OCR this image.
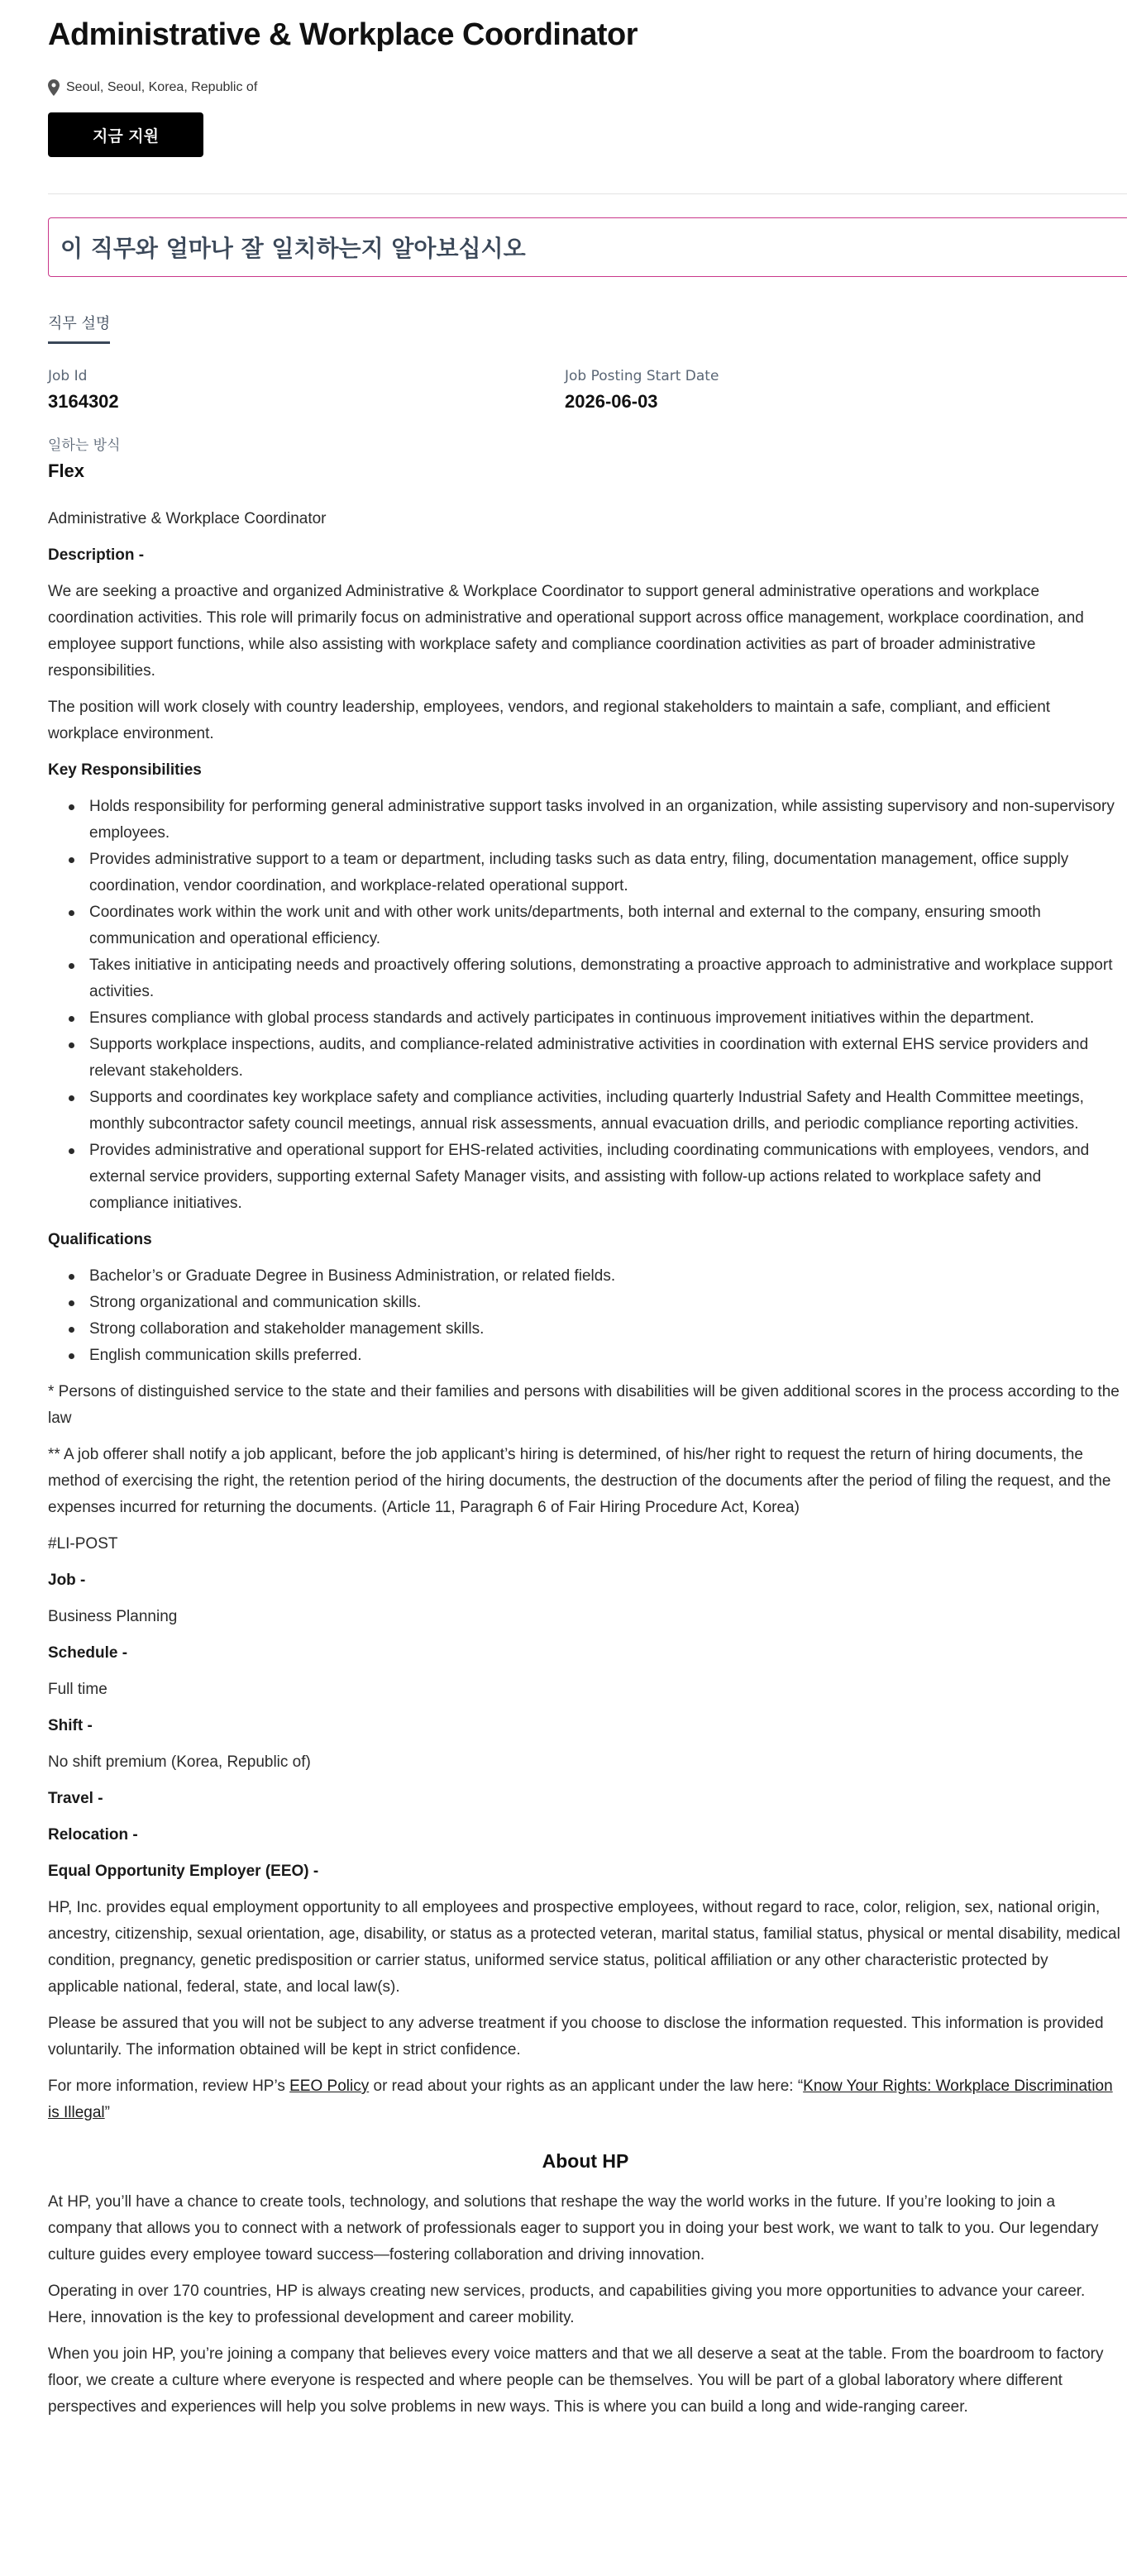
Administrative & Workplace Coordinator
Seoul, Seoul, Korea, Republic of
지금 지원
이 직무와 얼마나 잘 일치하는지 알아보십시오
직무 설명
Job Id
3164302
Job Posting Start Date
2026-06-03
일하는 방식
Flex

Administrative & Workplace Coordinator

Description -

We are seeking a proactive and organized Administrative & Workplace Coordinator to support general administrative operations and workplace coordination activities. This role will primarily focus on administrative and operational support across office management, workplace coordination, and employee support functions, while also assisting with workplace safety and compliance coordination activities as part of broader administrative responsibilities.

The position will work closely with country leadership, employees, vendors, and regional stakeholders to maintain a safe, compliant, and efficient workplace environment.

Key Responsibilities

Holds responsibility for performing general administrative support tasks involved in an organization, while assisting supervisory and non-supervisory employees.
Provides administrative support to a team or department, including tasks such as data entry, filing, documentation management, office supply coordination, vendor coordination, and workplace-related operational support.
Coordinates work within the work unit and with other work units/departments, both internal and external to the company, ensuring smooth communication and operational efficiency.
Takes initiative in anticipating needs and proactively offering solutions, demonstrating a proactive approach to administrative and workplace support activities.
Ensures compliance with global process standards and actively participates in continuous improvement initiatives within the department.
Supports workplace inspections, audits, and compliance-related administrative activities in coordination with external EHS service providers and relevant stakeholders.
Supports and coordinates key workplace safety and compliance activities, including quarterly Industrial Safety and Health Committee meetings, monthly subcontractor safety council meetings, annual risk assessments, annual evacuation drills, and periodic compliance reporting activities.
Provides administrative and operational support for EHS-related activities, including coordinating communications with employees, vendors, and external service providers, supporting external Safety Manager visits, and assisting with follow-up actions related to workplace safety and compliance initiatives.

Qualifications

Bachelor’s or Graduate Degree in Business Administration, or related fields.
Strong organizational and communication skills.
Strong collaboration and stakeholder management skills.
English communication skills preferred.

* Persons of distinguished service to the state and their families and persons with disabilities will be given additional scores in the process according to the law

** A job offerer shall notify a job applicant, before the job applicant’s hiring is determined, of his/her right to request the return of hiring documents, the method of exercising the right, the retention period of the hiring documents, the destruction of the documents after the period of filing the request, and the expenses incurred for returning the documents. (Article 11, Paragraph 6 of Fair Hiring Procedure Act, Korea)

#LI-POST

Job -

Business Planning

Schedule -

Full time

Shift -

No shift premium (Korea, Republic of)

Travel -

Relocation -

Equal Opportunity Employer (EEO) -

HP, Inc. provides equal employment opportunity to all employees and prospective employees, without regard to race, color, religion, sex, national origin, ancestry, citizenship, sexual orientation, age, disability, or status as a protected veteran, marital status, familial status, physical or mental disability, medical condition, pregnancy, genetic predisposition or carrier status, uniformed service status, political affiliation or any other characteristic protected by applicable national, federal, state, and local law(s).

Please be assured that you will not be subject to any adverse treatment if you choose to disclose the information requested. This information is provided voluntarily. The information obtained will be kept in strict confidence.

For more information, review HP’s EEO Policy or read about your rights as an applicant under the law here: “Know Your Rights: Workplace Discrimination is Illegal”

About HP

At HP, you’ll have a chance to create tools, technology, and solutions that reshape the way the world works in the future. If you’re looking to join a company that allows you to connect with a network of professionals eager to support you in doing your best work, we want to talk to you. Our legendary culture guides every employee toward success—fostering collaboration and driving innovation.

Operating in over 170 countries, HP is always creating new services, products, and capabilities giving you more opportunities to advance your career. Here, innovation is the key to professional development and career mobility.

When you join HP, you’re joining a company that believes every voice matters and that we all deserve a seat at the table. From the boardroom to factory floor, we create a culture where everyone is respected and where people can be themselves. You will be part of a global laboratory where different perspectives and experiences will help you solve problems in new ways. This is where you can build a long and wide-ranging career.
